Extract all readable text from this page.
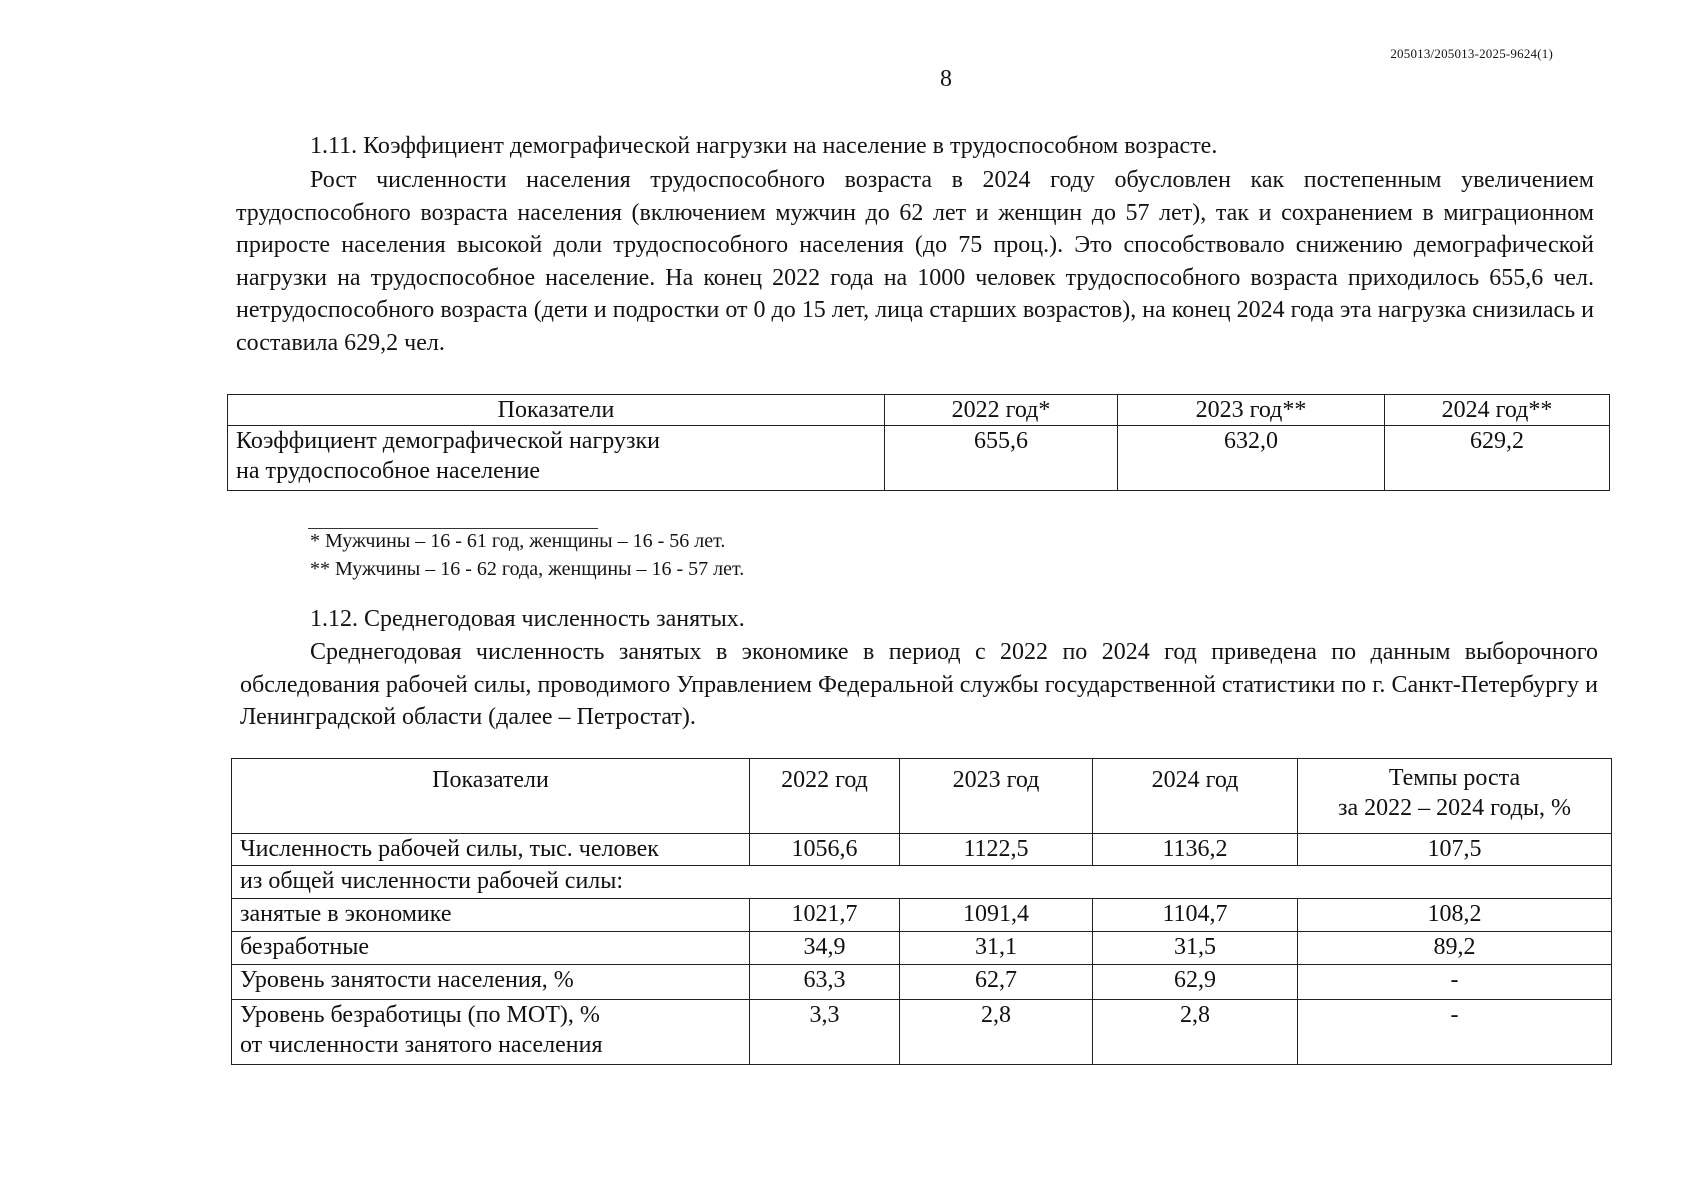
205013/205013-2025-9624(1)
8
1.11. Коэффициент демографической нагрузки на население в трудоспособном возрасте.
Рост численности населения трудоспособного возраста в 2024 году обусловлен как постепенным увеличением трудоспособного возраста населения (включением мужчин до 62 лет и женщин до 57 лет), так и сохранением в миграционном приросте населения высокой доли трудоспособного населения (до 75 проц.). Это способствовало снижению демографической нагрузки на трудоспособное население. На конец 2022 года на 1000 человек трудоспособного возраста приходилось 655,6 чел. нетрудоспособного возраста (дети и подростки от 0 до 15 лет, лица старших возрастов), на конец 2024 года эта нагрузка снизилась и составила 629,2 чел.
Показатели	2022 год*	2023 год**	2024 год**

Коэффициент демографической нагрузки
на трудоспособное население	655,6	632,0	629,2
* Мужчины – 16 - 61 год, женщины – 16 - 56 лет.
** Мужчины – 16 - 62 года, женщины – 16 - 57 лет.
1.12. Среднегодовая численность занятых.
Среднегодовая численность занятых в экономике в период с 2022 по 2024 год приведена по данным выборочного обследования рабочей силы, проводимого Управлением Федеральной службы государственной статистики по г. Санкт-Петербургу и Ленинградской области (далее – Петростат).
Показатели	2022 год	2023 год	2024 год	Темпы роста
за 2022 – 2024 годы, %

Численность рабочей силы, тыс. человек	1056,6	1122,5	1136,2	107,5
из общей численности рабочей силы:				
занятые в экономике	1021,7	1091,4	1104,7	108,2
безработные	34,9	31,1	31,5	89,2
Уровень занятости населения, %	63,3	62,7	62,9	-

Уровень безработицы (по МОТ), %
от численности занятого населения	3,3	2,8	2,8	-
